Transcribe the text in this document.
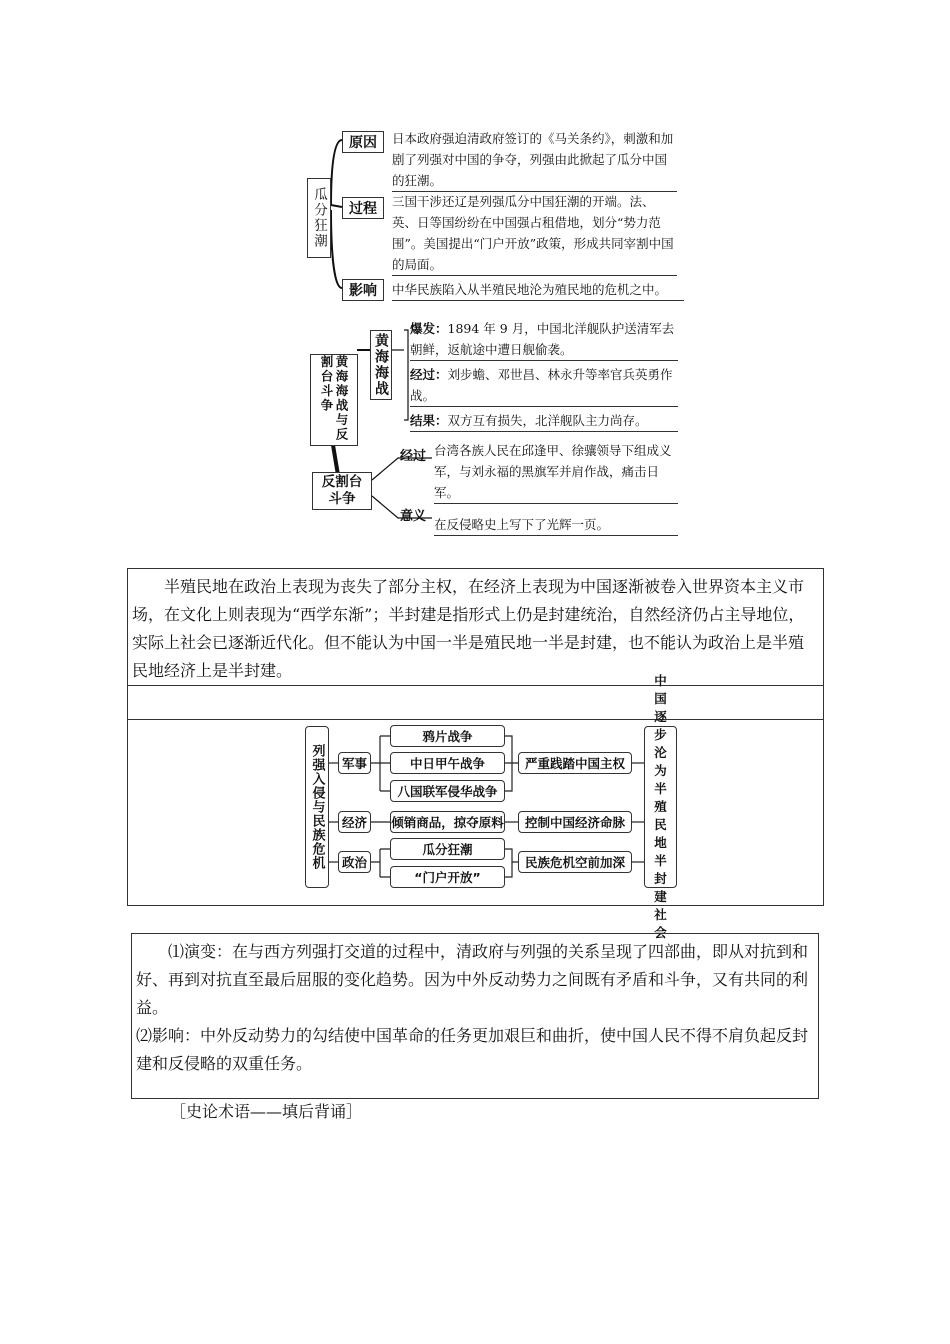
瓜分狂潮
原因	日本政府强迫清政府签订的《马关条约》，刺激和加剧了列强对中国的争夺，列强由此掀起了瓜分中国的狂潮。
过程	三国干涉还辽是列强瓜分中国狂潮的开端。法、英、日等国纷纷在中国强占租借地，划分“势力范围”。美国提出“门户开放”政策，形成共同宰割中国的局面。
影响	中华民族陷入从半殖民地沦为殖民地的危机之中。
黄海海战与反割台斗争	黄海海战
爆发：1894 年 9 月，中国北洋舰队护送清军去朝鲜，返航途中遭日舰偷袭。
经过：刘步蟾、邓世昌、林永升等率官兵英勇作战。
结果：双方互有损失，北洋舰队主力尚存。
反割台斗争
经过 台湾各族人民在邱逢甲、徐骧领导下组成义军，与刘永福的黑旗军并肩作战，痛击日军。
意义
在反侵略史上写下了光辉一页。
半殖民地在政治上表现为丧失了部分主权，在经济上表现为中国逐渐被卷入世界资本主义市场，在文化上则表现为“西学东渐”；半封建是指形式上仍是封建统治，自然经济仍占主导地位，实际上社会已逐渐近代化。但不能认为中国一半是殖民地一半是封建，也不能认为政治上是半殖民地经济上是半封建。
列强入侵与民族危机	军事
经济
政治
鸦片战争
中日甲午战争
八国联军侵华战争
严重践踏中国主权
倾销商品，掠夺原料	控制中国经济命脉
瓜分狂潮
“门户开放”
民族危机空前加深
中国逐步沦为半殖民地半封建社会
⑴演变：在与西方列强打交道的过程中，清政府与列强的关系呈现了四部曲，即从对抗到和好、再到对抗直至最后屈服的变化趋势。因为中外反动势力之间既有矛盾和斗争，又有共同的利益。
⑵影响：中外反动势力的勾结使中国革命的任务更加艰巨和曲折，使中国人民不得不肩负起反封建和反侵略的双重任务。
［史论术语——填后背诵］
